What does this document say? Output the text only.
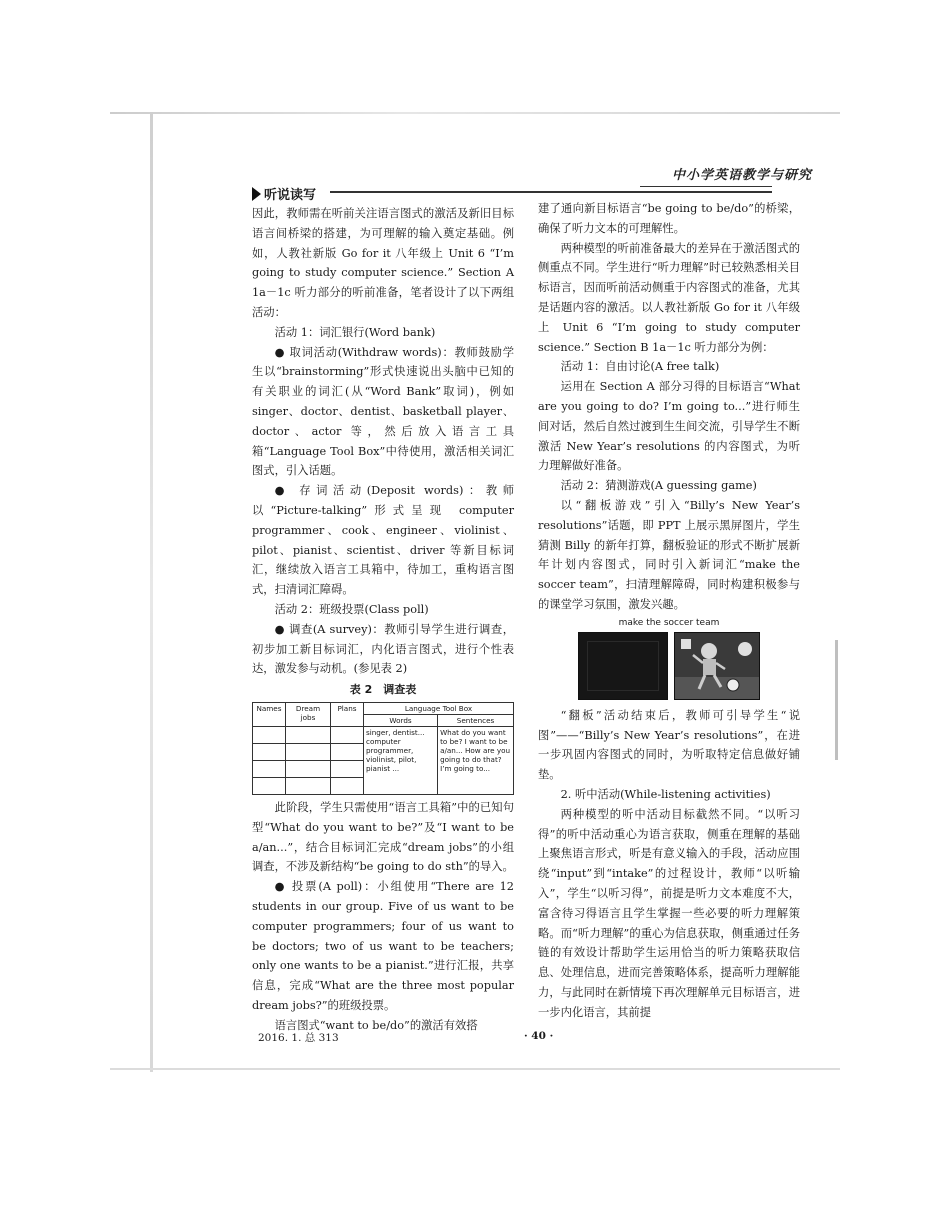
中小学英语教学与研究
听说读写

因此，教师需在听前关注语言图式的激活及新旧目标语言间桥梁的搭建，为可理解的输入奠定基础。例如，人教社新版 Go for it 八年级上 Unit 6 “I’m going to study computer science.” Section A 1a－1c 听力部分的听前准备，笔者设计了以下两组活动：

活动 1：词汇银行(Word bank)

● 取词活动(Withdraw words)：教师鼓励学生以“brainstorming”形式快速说出头脑中已知的有关职业的词汇(从“Word Bank”取词)，例如 singer、doctor、dentist、basketball player、doctor、actor 等，然后放入语言工具箱“Language Tool Box”中待使用，激活相关词汇图式，引入话题。

● 存词活动(Deposit words)：教师以“Picture-talking”形式呈现 computer programmer、cook、engineer、violinist、pilot、pianist、scientist、driver 等新目标词汇，继续放入语言工具箱中，待加工，重构语言图式，扫清词汇障碍。

活动 2：班级投票(Class poll)

● 调查(A survey)：教师引导学生进行调查，初步加工新目标词汇，内化语言图式，进行个性表达，激发参与动机。(参见表 2)

表 2　调查表

Names	Dream jobs	Plans	Language Tool Box	
			Words	Sentences
			singer, dentist... computer programmer, violinist, pilot, pianist ...	What do you want to be? I want to be a/an... How are you going to do that? I’m going to...

此阶段，学生只需使用“语言工具箱”中的已知句型“What do you want to be?”及“I want to be a/an...”，结合目标词汇完成“dream jobs”的小组调查，不涉及新结构“be going to do sth”的导入。

● 投票(A poll)：小组使用“There are 12 students in our group. Five of us want to be computer programmers; four of us want to be doctors; two of us want to be teachers; only one wants to be a pianist.”进行汇报，共享信息，完成“What are the three most popular dream jobs?”的班级投票。

语言图式“want to be/do”的激活有效搭

建了通向新目标语言“be going to be/do”的桥梁，确保了听力文本的可理解性。

两种模型的听前准备最大的差异在于激活图式的侧重点不同。学生进行“听力理解”时已较熟悉相关目标语言，因而听前活动侧重于内容图式的准备，尤其是话题内容的激活。以人教社新版 Go for it 八年级上 Unit 6 “I’m going to study computer science.” Section B 1a－1c 听力部分为例：

活动 1：自由讨论(A free talk)

运用在 Section A 部分习得的目标语言“What are you going to do? I’m going to...”进行师生间对话，然后自然过渡到生生间交流，引导学生不断激活 New Year’s resolutions 的内容图式，为听力理解做好准备。

活动 2：猜测游戏(A guessing game)

以“翻板游戏”引入“Billy’s New Year’s resolutions”话题，即 PPT 上展示黑屏图片，学生猜测 Billy 的新年打算，翻板验证的形式不断扩展新年计划内容图式，同时引入新词汇“make the soccer team”，扫清理解障碍，同时构建积极参与的课堂学习氛围，激发兴趣。

make the soccer team

“翻板”活动结束后，教师可引导学生“说图”——“Billy’s New Year’s resolutions”，在进一步巩固内容图式的同时，为听取特定信息做好铺垫。

2. 听中活动(While-listening activities)

两种模型的听中活动目标截然不同。“以听习得”的听中活动重心为语言获取，侧重在理解的基础上聚焦语言形式，听是有意义输入的手段，活动应围绕“input”到“intake”的过程设计，教师“以听输入”，学生“以听习得”，前提是听力文本难度不大，富含待习得语言且学生掌握一些必要的听力理解策略。而“听力理解”的重心为信息获取，侧重通过任务链的有效设计帮助学生运用恰当的听力策略获取信息、处理信息，进而完善策略体系，提高听力理解能力，与此同时在新情境下再次理解单元目标语言，进一步内化语言，其前提

2016. 1. 总 313	· 40 ·
